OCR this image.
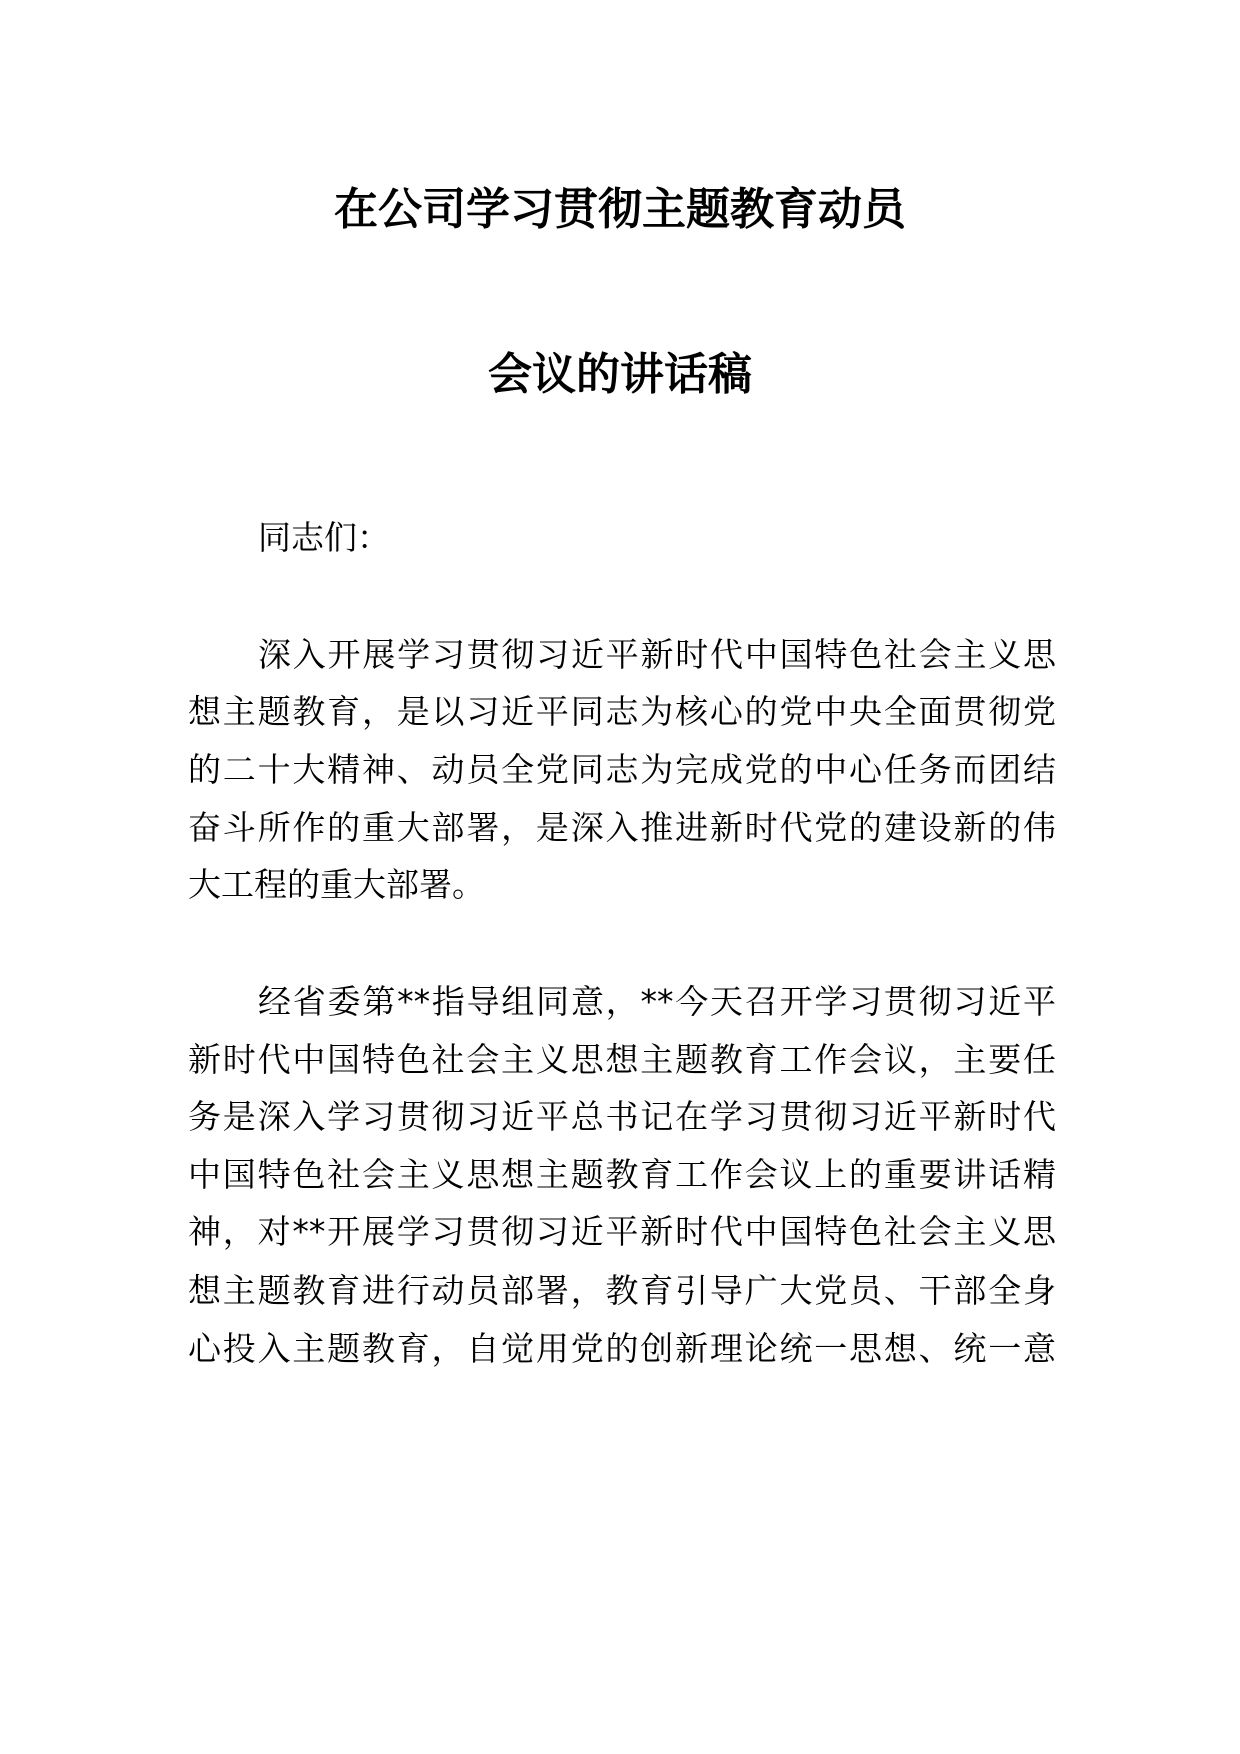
在公司学习贯彻主题教育动员
会议的讲话稿
同志们：
深入开展学习贯彻习近平新时代中国特色社会主义思
想主题教育，是以习近平同志为核心的党中央全面贯彻党
的二十大精神、动员全党同志为完成党的中心任务而团结
奋斗所作的重大部署，是深入推进新时代党的建设新的伟
大工程的重大部署。
经省委第**指导组同意，**今天召开学习贯彻习近平
新时代中国特色社会主义思想主题教育工作会议，主要任
务是深入学习贯彻习近平总书记在学习贯彻习近平新时代
中国特色社会主义思想主题教育工作会议上的重要讲话精
神，对**开展学习贯彻习近平新时代中国特色社会主义思
想主题教育进行动员部署，教育引导广大党员、干部全身
心投入主题教育，自觉用党的创新理论统一思想、统一意
